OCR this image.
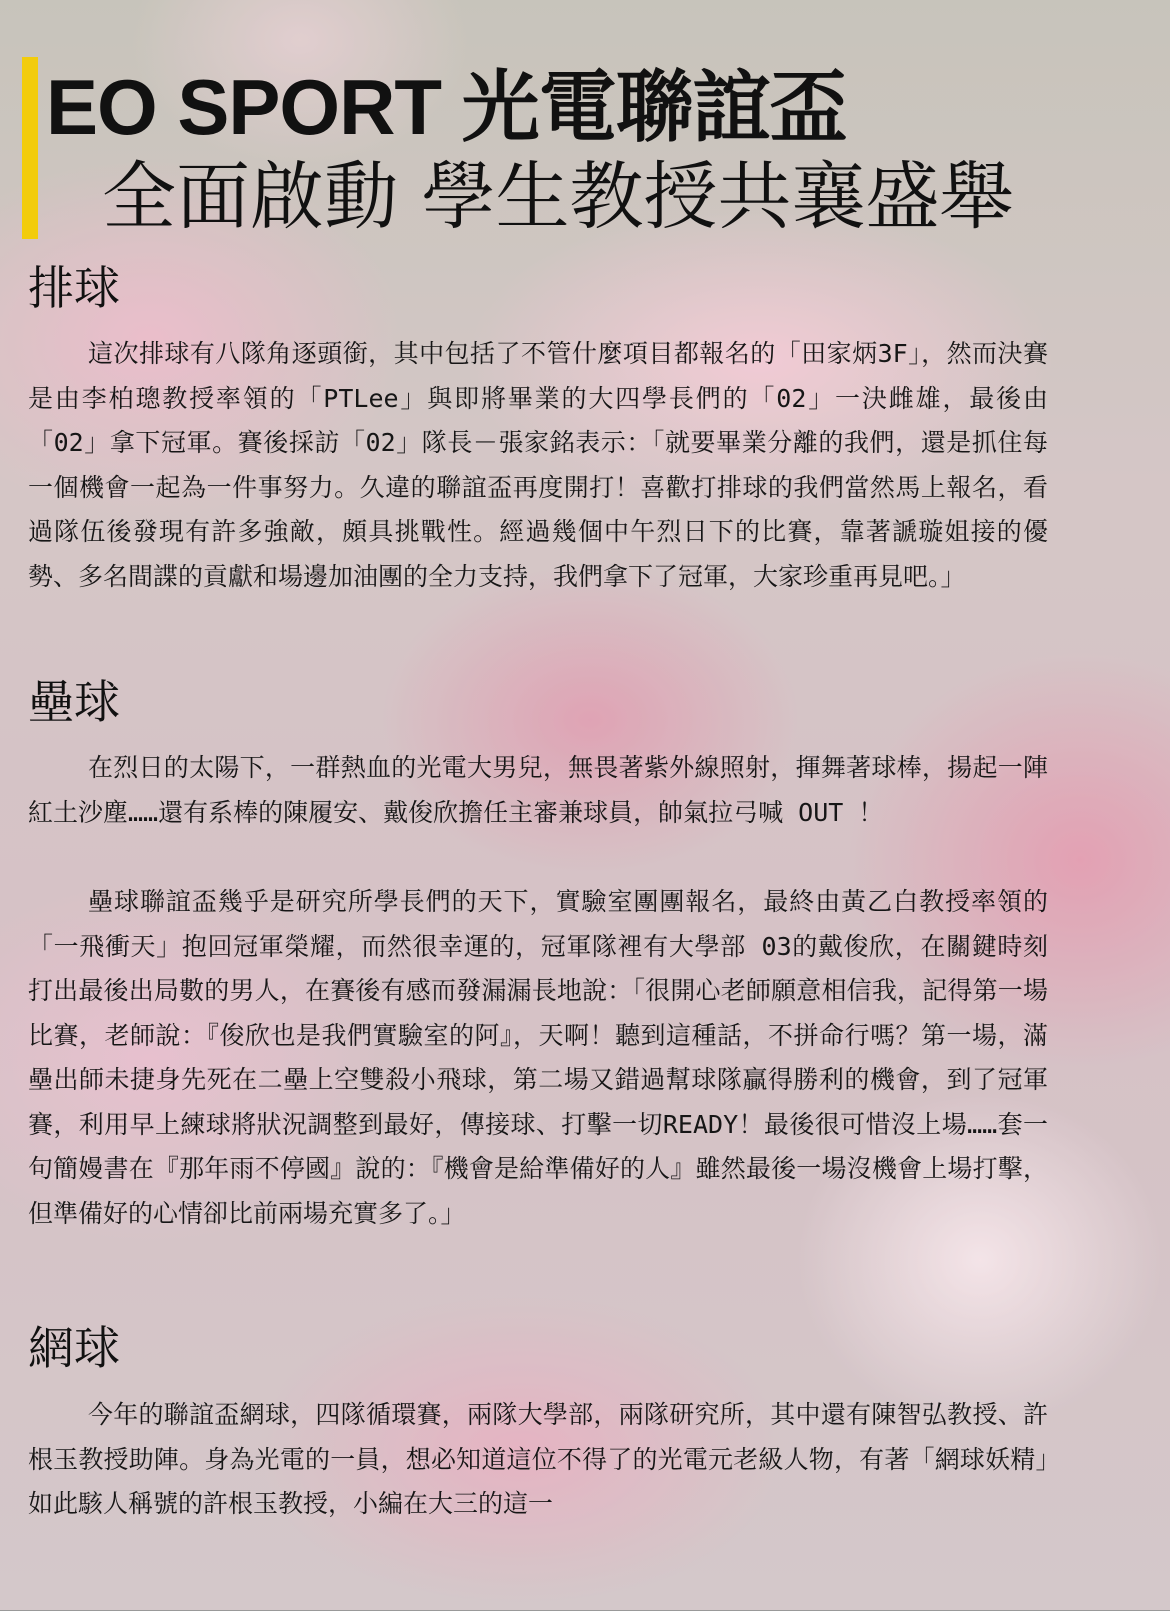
EO SPORT 光電聯誼盃
全面啟動 學生教授共襄盛舉
排球

這次排球有八隊角逐頭銜，其中包括了不管什麼項目都報名的「田家炳3F」，然而決賽是由李柏璁教授率領的「PTLee」與即將畢業的大四學長們的「02」一決雌雄，最後由「02」拿下冠軍。賽後採訪「02」隊長－張家銘表示：「就要畢業分離的我們，還是抓住每一個機會一起為一件事努力。久違的聯誼盃再度開打！喜歡打排球的我們當然馬上報名，看過隊伍後發現有許多強敵，頗具挑戰性。經過幾個中午烈日下的比賽，靠著謕璇姐接的優勢、多名間諜的貢獻和場邊加油團的全力支持，我們拿下了冠軍，大家珍重再見吧。」

壘球

在烈日的太陽下，一群熱血的光電大男兒，無畏著紫外線照射，揮舞著球棒，揚起一陣紅土沙塵……還有系棒的陳履安、戴俊欣擔任主審兼球員，帥氣拉弓喊 OUT ！

壘球聯誼盃幾乎是研究所學長們的天下，實驗室團團報名，最終由黃乙白教授率領的「一飛衝天」抱回冠軍榮耀，而然很幸運的，冠軍隊裡有大學部 03的戴俊欣，在關鍵時刻打出最後出局數的男人，在賽後有感而發漏漏長地說：「很開心老師願意相信我，記得第一場比賽，老師說：『俊欣也是我們實驗室的阿』，天啊！聽到這種話，不拼命行嗎？第一場，滿壘出師未捷身先死在二壘上空雙殺小飛球，第二場又錯過幫球隊贏得勝利的機會，到了冠軍賽，利用早上練球將狀況調整到最好，傳接球、打擊一切READY！最後很可惜沒上場……套一句簡嫚書在『那年雨不停國』說的：『機會是給準備好的人』雖然最後一場沒機會上場打擊，但準備好的心情卻比前兩場充實多了。」

網球

今年的聯誼盃網球，四隊循環賽，兩隊大學部，兩隊研究所，其中還有陳智弘教授、許根玉教授助陣。身為光電的一員，想必知道這位不得了的光電元老級人物，有著「網球妖精」如此駭人稱號的許根玉教授，小編在大三的這一
